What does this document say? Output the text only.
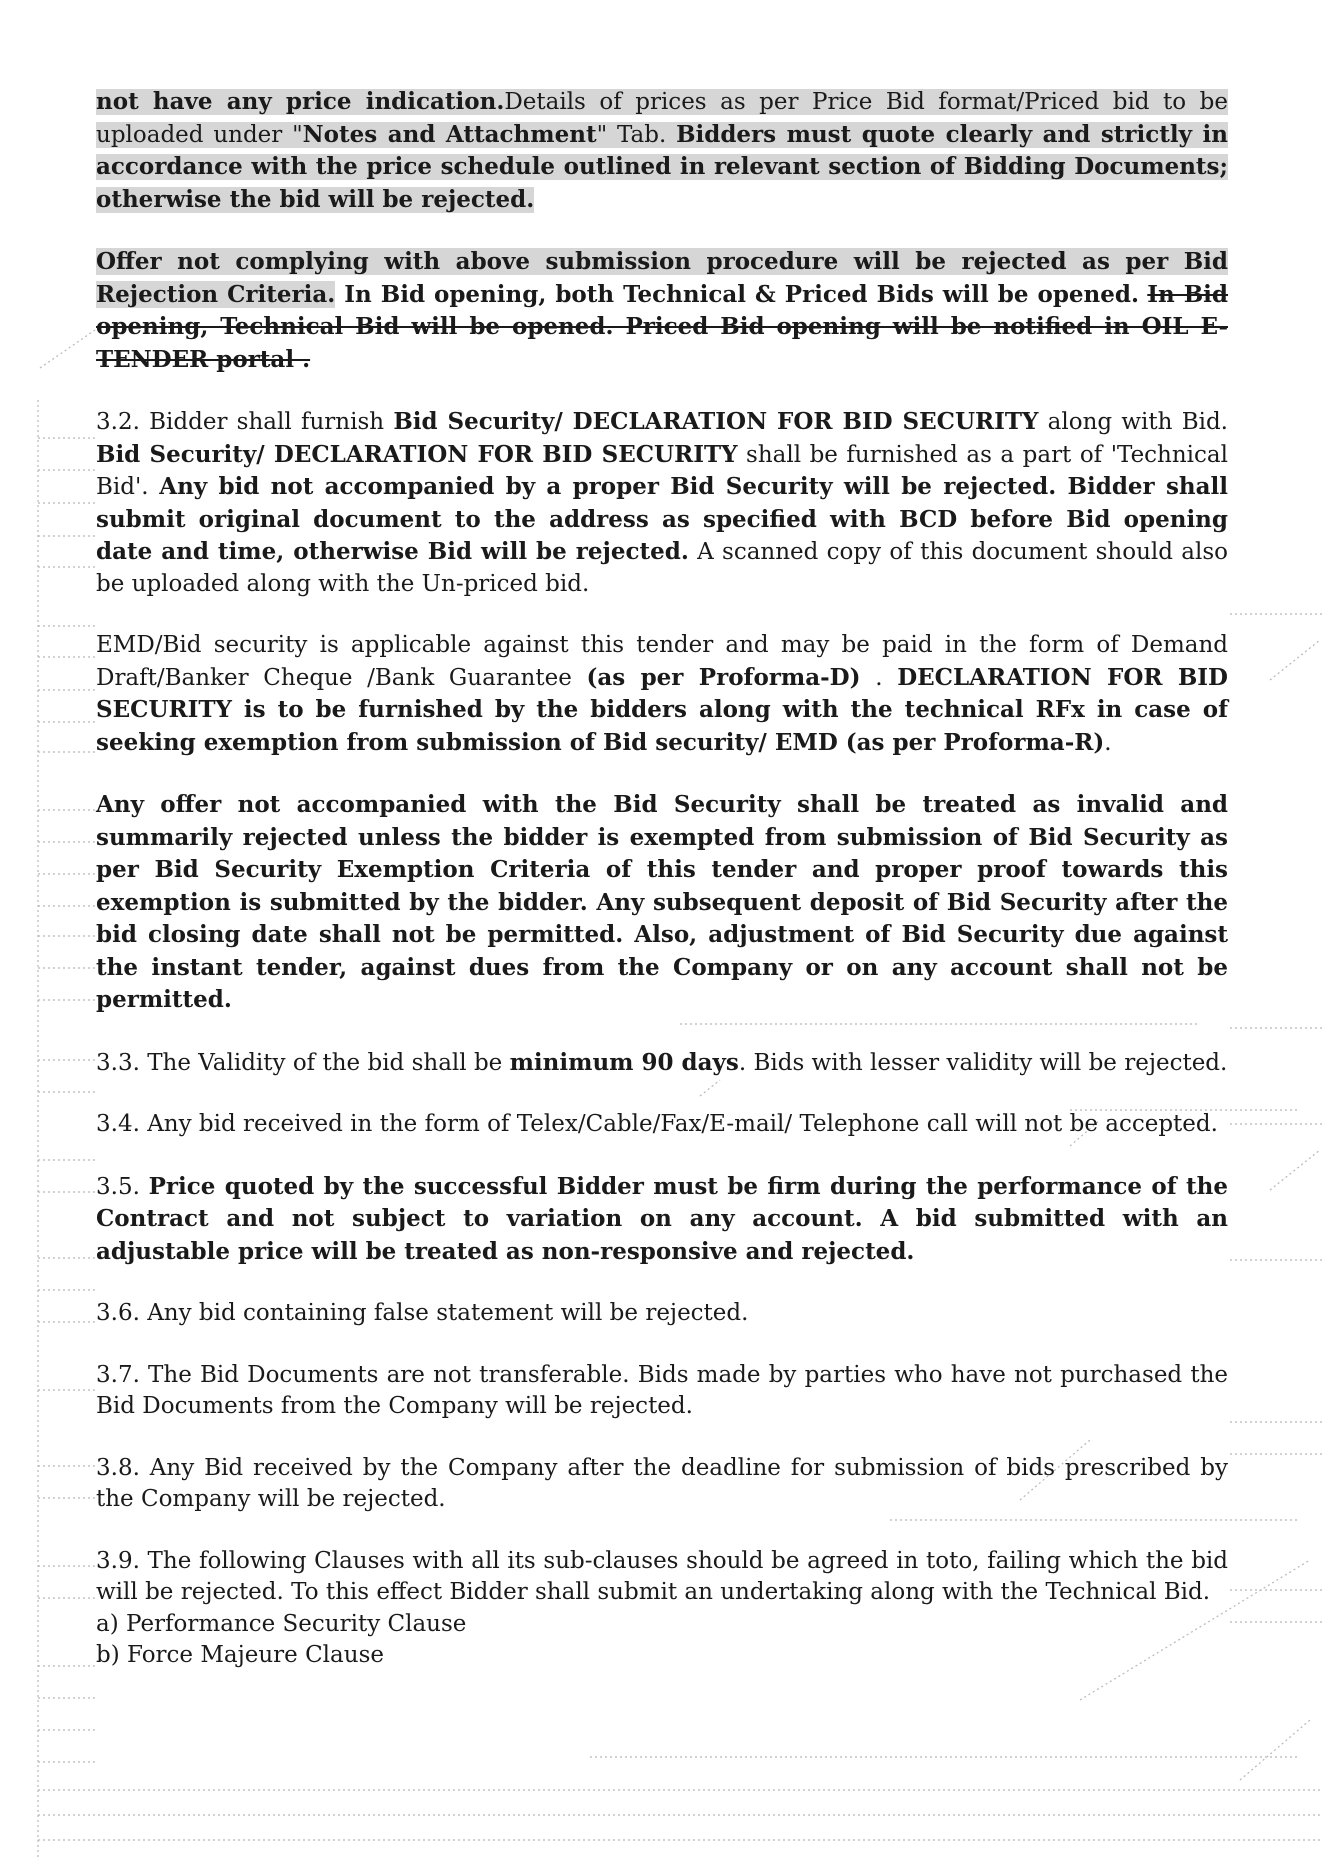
not have any price indication.Details of prices as per Price Bid format/Priced bid to be uploaded under "Notes and Attachment" Tab. Bidders must quote clearly and strictly in accordance with the price schedule outlined in relevant section of Bidding Documents; otherwise the bid will be rejected.

Offer not complying with above submission procedure will be rejected as per Bid Rejection Criteria. In Bid opening, both Technical & Priced Bids will be opened. In Bid opening, Technical Bid will be opened. Priced Bid opening will be notified in OIL E-TENDER portal .

3.2. Bidder shall furnish Bid Security/ DECLARATION FOR BID SECURITY along with Bid. Bid Security/ DECLARATION FOR BID SECURITY shall be furnished as a part of 'Technical Bid'. Any bid not accompanied by a proper Bid Security will be rejected. Bidder shall submit original document to the address as specified with BCD before Bid opening date and time, otherwise Bid will be rejected. A scanned copy of this document should also be uploaded along with the Un-priced bid.

EMD/Bid security is applicable against this tender and may be paid in the form of Demand Draft/Banker Cheque /Bank Guarantee (as per Proforma-D) . DECLARATION FOR BID SECURITY is to be furnished by the bidders along with the technical RFx in case of seeking exemption from submission of Bid security/ EMD (as per Proforma-R).

Any offer not accompanied with the Bid Security shall be treated as invalid and summarily rejected unless the bidder is exempted from submission of Bid Security as per Bid Security Exemption Criteria of this tender and proper proof towards this exemption is submitted by the bidder. Any subsequent deposit of Bid Security after the bid closing date shall not be permitted. Also, adjustment of Bid Security due against the instant tender, against dues from the Company or on any account shall not be permitted.

3.3. The Validity of the bid shall be minimum 90 days. Bids with lesser validity will be rejected.

3.4. Any bid received in the form of Telex/Cable/Fax/E-mail/ Telephone call will not be accepted.

3.5. Price quoted by the successful Bidder must be firm during the performance of the Contract and not subject to variation on any account. A bid submitted with an adjustable price will be treated as non-responsive and rejected.

3.6. Any bid containing false statement will be rejected.

3.7. The Bid Documents are not transferable. Bids made by parties who have not purchased the Bid Documents from the Company will be rejected.

3.8. Any Bid received by the Company after the deadline for submission of bids prescribed by the Company will be rejected.

3.9. The following Clauses with all its sub-clauses should be agreed in toto, failing which the bid will be rejected. To this effect Bidder shall submit an undertaking along with the Technical Bid.

a) Performance Security Clause

b) Force Majeure Clause
